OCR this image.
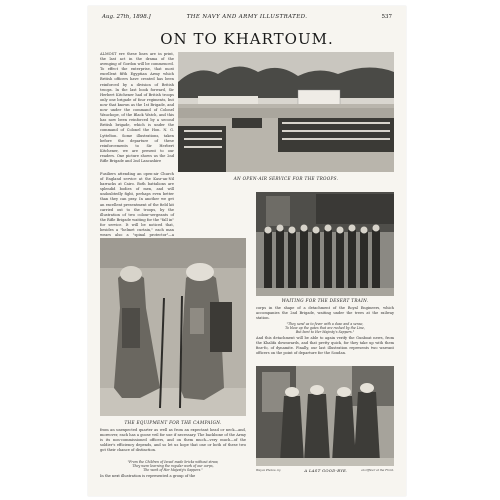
Aug. 27th, 1898.]	THE NAVY AND ARMY ILLUSTRATED.	537
ON TO KHARTOUM.
ALMOST ere these lines are in print, the last act in the drama of the avenging of Gordon will be commenced. To effect the enterprise, that most excellent fifth Egyptian Army which British officers have created has been reinforced by a division of British troops. In the last book forward, Sir Herbert Kitchener had of British troops only one brigade of four regiments, but now that known as the 1st Brigade, and now under the command of Colonel Wauchope, of the Black Watch, and this has now been reinforced by a second British brigade, which is under the command of Colonel the Hon. N. G. Lyttelton. Some illustrations, taken before the departure of these reinforcements to Sir Herbert Kitchener, we are present to our readers. One picture shows us the 2nd Rifle Brigade and 2nd Lancashire
AN OPEN-AIR SERVICE FOR THE TROOPS.
Fusiliers attending an open-air Church of England service at the Kasr-an-Nil barracks at Cairo. Both battalions are splendid bodies of men, and will undoubtedly fight, perhaps even better than they can pray. In another we get an excellent presentment of the field kit carried out to the troops, by the illustration of two colour-sergeants of the Rifle Brigade waiting for the "fall in" for service. It will be noticed that, besides a "helmet curtain," each man wears also a "spinal protector"—a
WAITING FOR THE DESERT TRAIN.
THE EQUIPMENT FOR THE CAMPAIGN.
from an unexpected quarter as well as from an expectant head or neck—and, moreover, each has a goose veil for use if necessary. The backbone of the Army is its non-commissioned officers, and on them much—very much—of the soldier's efficiency depends, and so let us hope that one or both of these two got their chance of distinction.
"From the Children of Israel made bricks without straw,
They were learning the regular work of our corps,
The work of Her Majesty's Sappers."
In the next illustration is represented a group of the
corps in the shape of a detachment of the Royal Engineers, which accompanies the 2nd Brigade, waiting under the trees at the railway station.
"They send us to fever with a dose and a sense,
To blow up the gates that are rushed by the Line,
But bent to Her Majesty's Sappers."
And this detachment will be able to again verify the Gunboat news, from the Khalifa downwards, and that pretty quick, for they take up with them fine-fo, of dynamite. Finally, our last illustration represents two warrant officers on the point of departure for the Soudan.
Weyce Photos. by	A LAST GOOD-BYE.	an Officer at the Front.
